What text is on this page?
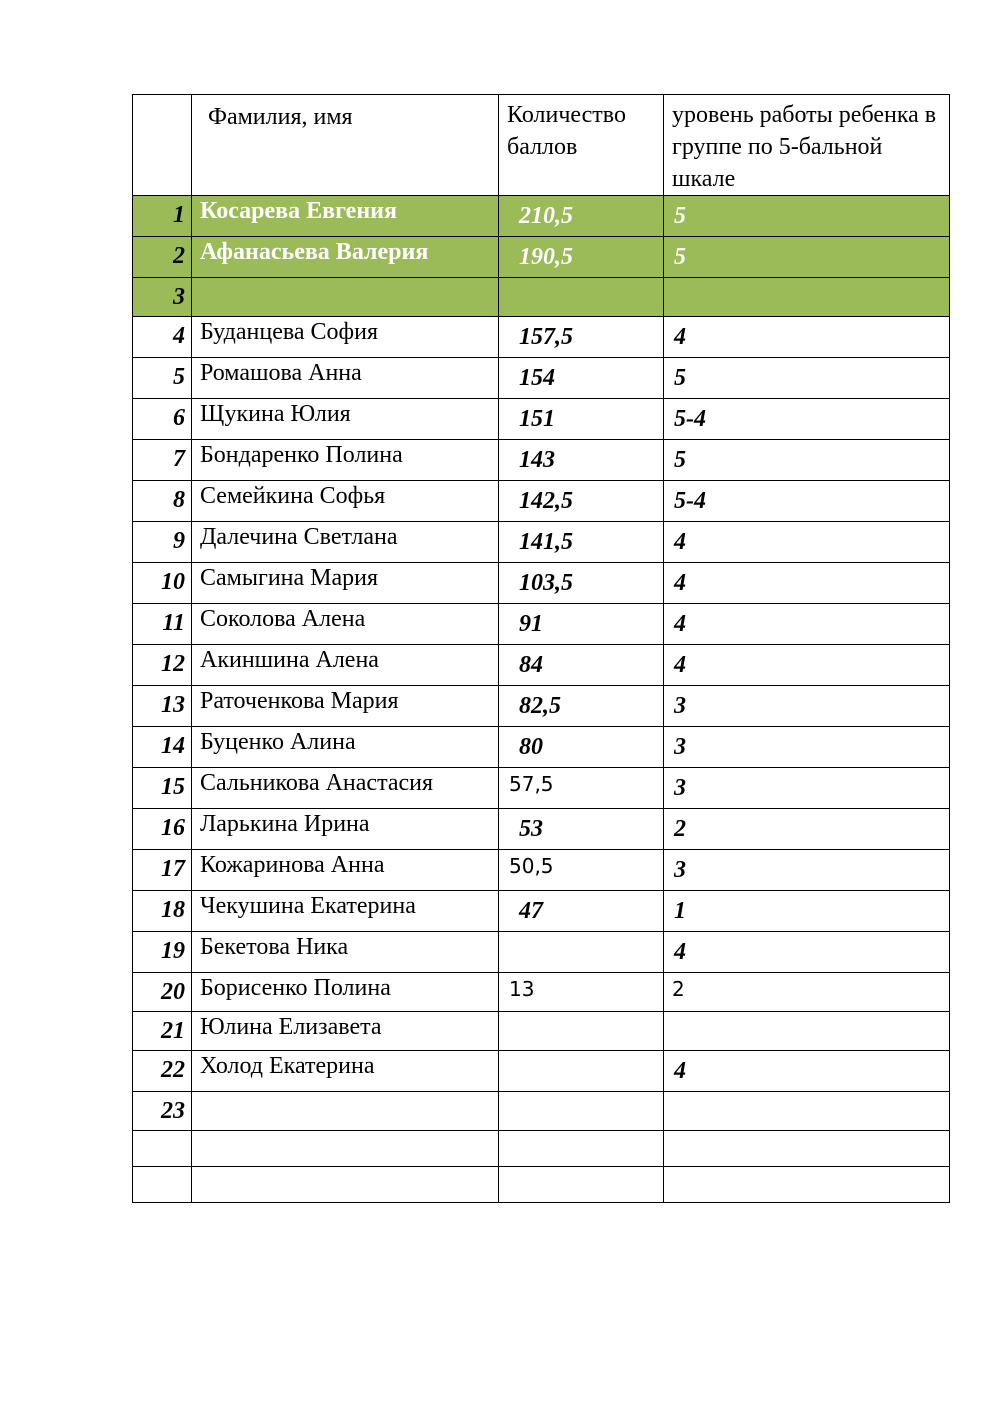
	Фамилия, имя	Количество баллов	уровень работы ребенка в группе по 5-бальной шкале

1	Косарева Евгения	210,5	5
2	Афанасьева Валерия	190,5	5
3			
4	Буданцева София	157,5	4
5	Ромашова Анна	154	5
6	Щукина Юлия	151	5-4
7	Бондаренко Полина	143	5
8	Семейкина Софья	142,5	5-4
9	Далечина Светлана	141,5	4
10	Самыгина Мария	103,5	4
11	Соколова Алена	91	4
12	Акиншина Алена	84	4
13	Раточенкова Мария	82,5	3
14	Буценко Алина	80	3
15	Сальникова Анастасия	57,5	3
16	Ларькина Ирина	53	2
17	Кожаринова Анна	50,5	3
18	Чекушина Екатерина	47	1
19	Бекетова Ника		4
20	Борисенко Полина	13	2
21	Юлина Елизавета		
22	Холод Екатерина		4
23			
